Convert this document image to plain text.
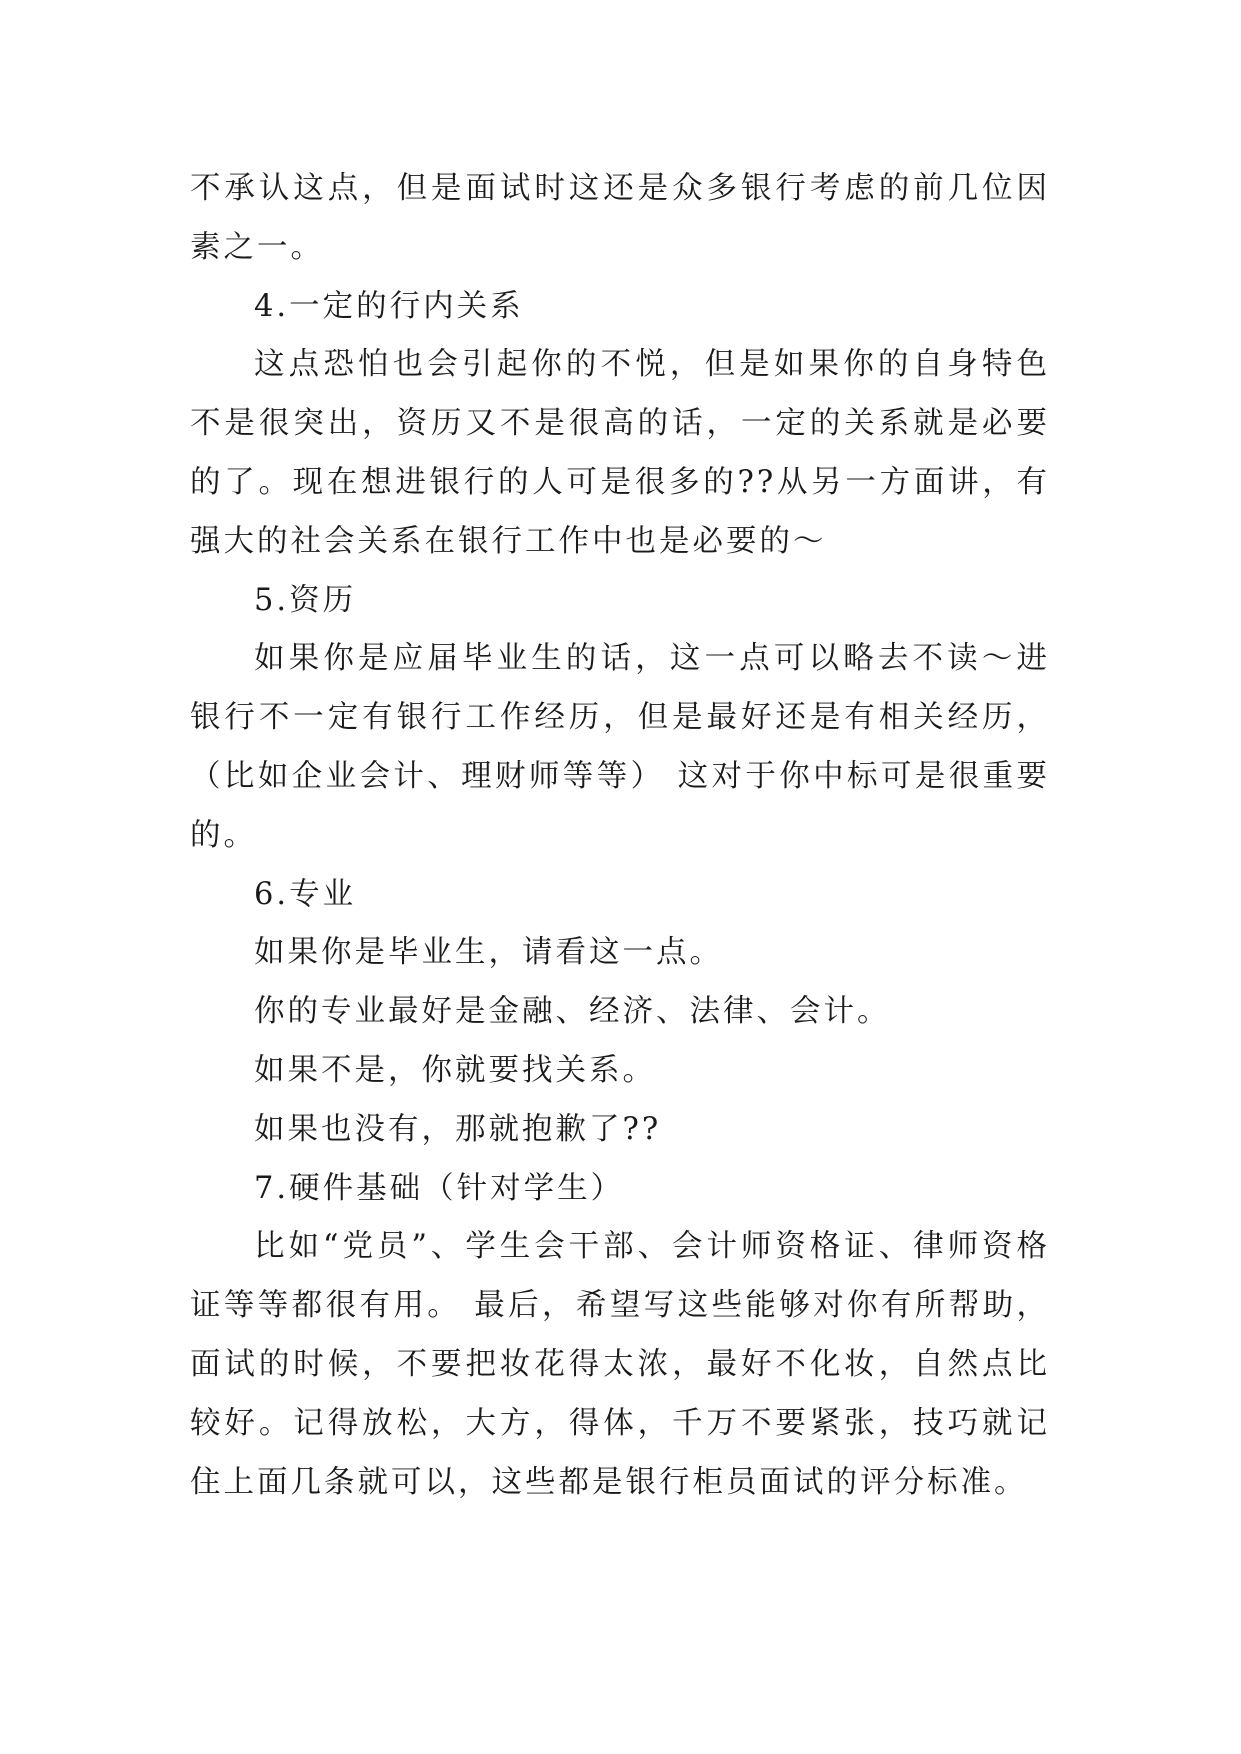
不承认这点，但是面试时这还是众多银行考虑的前几位因素之一。

4.一定的行内关系

这点恐怕也会引起你的不悦，但是如果你的自身特色不是很突出，资历又不是很高的话，一定的关系就是必要的了。现在想进银行的人可是很多的??从另一方面讲，有强大的社会关系在银行工作中也是必要的～

5.资历

如果你是应届毕业生的话，这一点可以略去不读～进银行不一定有银行工作经历，但是最好还是有相关经历，（比如企业会计、理财师等等） 这对于你中标可是很重要的。

6.专业

如果你是毕业生，请看这一点。

你的专业最好是金融、经济、法律、会计。

如果不是，你就要找关系。

如果也没有，那就抱歉了??

7.硬件基础（针对学生）

比如“党员”、学生会干部、会计师资格证、律师资格证等等都很有用。 最后，希望写这些能够对你有所帮助，面试的时候，不要把妆花得太浓，最好不化妆，自然点比较好。记得放松，大方，得体，千万不要紧张，技巧就记住上面几条就可以，这些都是银行柜员面试的评分标准。
